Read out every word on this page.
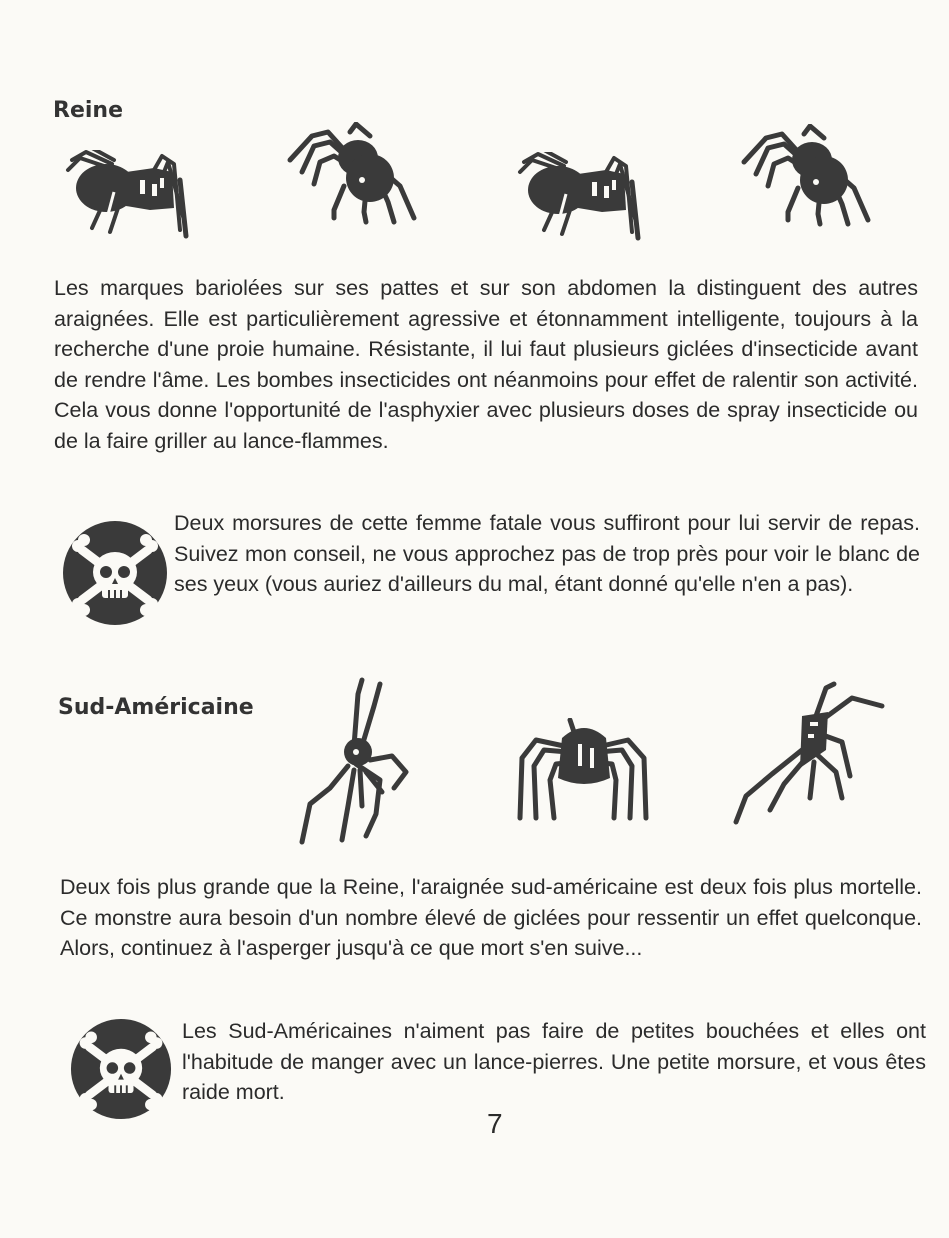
Reine
Les marques bariolées sur ses pattes et sur son abdomen la distinguent des autres araignées. Elle est particulièrement agressive et étonnamment intelligente, toujours à la recherche d'une proie humaine. Résistante, il lui faut plusieurs giclées d'insecticide avant de rendre l'âme. Les bombes insecticides ont néanmoins pour effet de ralentir son activité. Cela vous donne l'opportunité de l'asphyxier avec plusieurs doses de spray insecticide ou de la faire griller au lance-flammes.
Deux morsures de cette femme fatale vous suffiront pour lui servir de repas. Suivez mon conseil, ne vous approchez pas de trop près pour voir le blanc de ses yeux (vous auriez d'ailleurs du mal, étant donné qu'elle n'en a pas).
Sud-Américaine
Deux fois plus grande que la Reine, l'araignée sud-américaine est deux fois plus mortelle. Ce monstre aura besoin d'un nombre élevé de giclées pour ressentir un effet quelconque. Alors, continuez à l'asperger jusqu'à ce que mort s'en suive...
Les Sud-Américaines n'aiment pas faire de petites bouchées et elles ont l'habitude de manger avec un lance-pierres. Une petite morsure, et vous êtes raide mort.
7
